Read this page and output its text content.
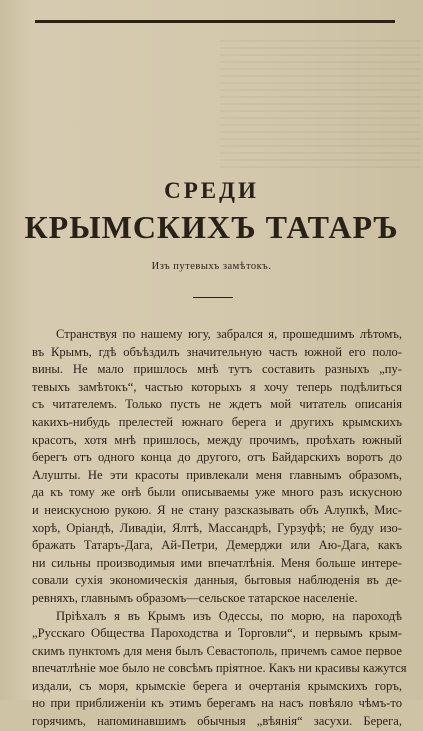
СРЕДИ
КРЫМСКИХЪ ТАТАРЪ
Изъ путевыхъ замѣтокъ.
Странствуя по нашему югу, забрался я, прошедшимъ лѣтомъ,
въ Крымъ, гдѣ объѣздилъ значительную часть южной его поло-
вины. Не мало пришлось мнѣ тутъ составить разныхъ „пу-
тевыхъ замѣтокъ“, частью которыхъ я хочу теперь подѣлиться
съ читателемъ. Только пусть не ждетъ мой читатель описанія
какихъ-нибудь прелестей южнаго берега и другихъ крымскихъ
красотъ, хотя мнѣ пришлось, между прочимъ, проѣхать южный
берегъ отъ одного конца до другого, отъ Байдарскихъ воротъ до
Алушты. Не эти красоты привлекали меня главнымъ образомъ,
да къ тому же онѣ были описываемы уже много разъ искусною
и неискусною рукою. Я не стану разсказывать объ Алупкѣ, Мис-
хорѣ, Оріандѣ, Ливадіи, Ялтѣ, Массандрѣ, Гурзуфѣ; не буду изо-
бражать Татаръ-Дага, Ай-Петри, Демерджи или Аю-Дага, какъ
ни сильны производимыя ими впечатлѣнія. Меня больше интере-
совали сухія экономическія данныя, бытовыя наблюденія въ де-
ревняхъ, главнымъ образомъ—сельское татарское населеніе.
Пріѣхалъ я въ Крымъ изъ Одессы, по морю, на пароходѣ
„Русскаго Общества Пароходства и Торговли“, и первымъ крым-
скимъ пунктомъ для меня былъ Севастополь, причемъ самое первое
впечатлѣніе мое было не совсѣмъ пріятное. Какъ ни красивы кажутся
издали, съ моря, крымскіе берега и очертанія крымскихъ горъ,
но при приближеніи къ этимъ берегамъ на насъ повѣяло чѣмъ-то
горячимъ, напоминавшимъ обычныя „вѣянія“ засухи. Берега,
